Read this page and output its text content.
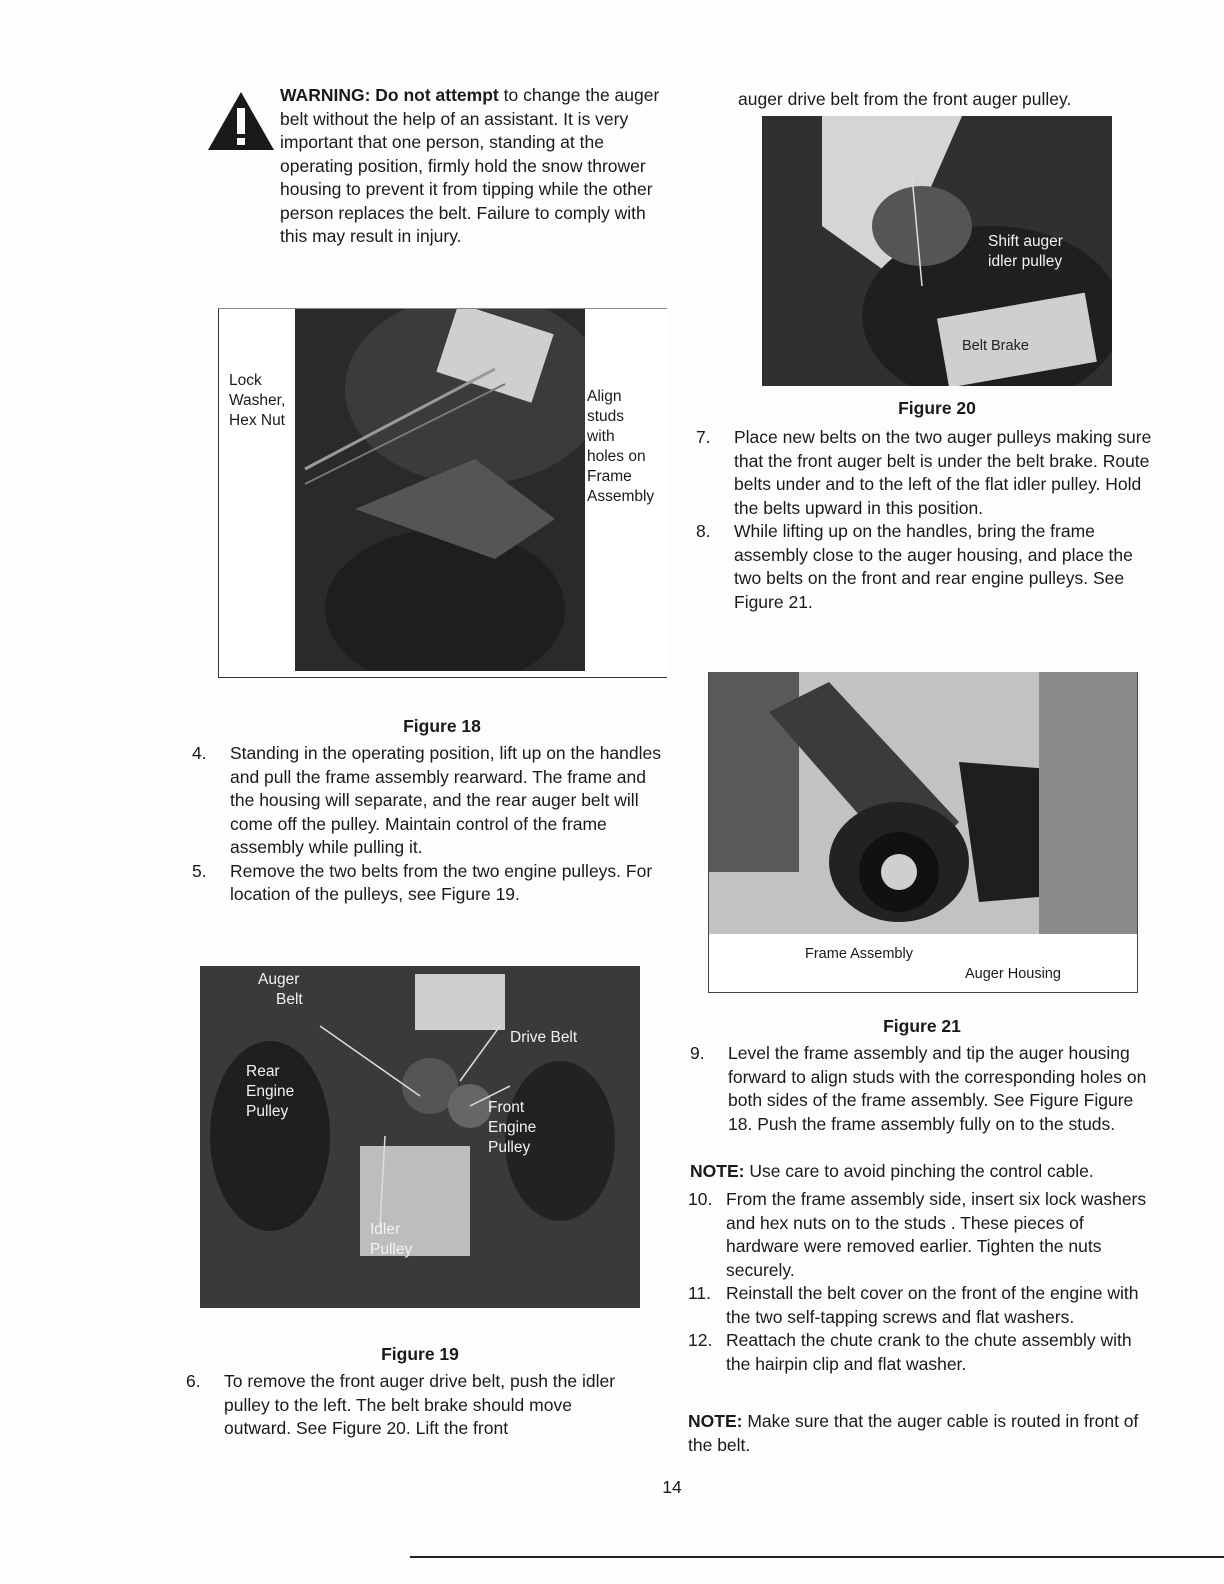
WARNING: Do not attempt to change the auger belt without the help of an assistant. It is very important that one person, standing at the operating position, firmly hold the snow thrower housing to prevent it from tipping while the other person replaces the belt. Failure to comply with this may result in injury.
Lock
Washer,
Hex Nut
Align
studs
with
holes on
Frame
Assembly
Figure 18
4.	Standing in the operating position, lift up on the handles and pull the frame assembly rearward. The frame and the housing will separate, and the rear auger belt will come off the pulley. Maintain control of the frame assembly while pulling it.
5.	Remove the two belts from the two engine pulleys. For location of the pulleys, see Figure 19.
Auger
Belt
Drive Belt
Rear
Engine
Pulley	Front
Engine
Pulley
Idler
Pulley
Figure 19
6.	To remove the front auger drive belt, push the idler pulley to the left. The belt brake should move outward. See Figure 20. Lift the front
auger drive belt from the front auger pulley.
Shift auger
idler pulley
Belt Brake
Figure 20
7.	Place new belts on the two auger pulleys making sure that the front auger belt is under the belt brake. Route belts under and to the left of the flat idler pulley. Hold the belts upward in this position.
8.	While lifting up on the handles, bring the frame assembly close to the auger housing, and place the two belts on the front and rear engine pulleys. See Figure 21.
Frame Assembly
Auger Housing
Figure 21
9.	Level the frame assembly and tip the auger housing forward to align studs with the corresponding holes on both sides of the frame assembly. See Figure Figure 18. Push the frame assembly fully on to the studs.
NOTE: Use care to avoid pinching the control cable.
10. From the frame assembly side, insert six lock washers and hex nuts on to the studs . These pieces of hardware were removed earlier. Tighten the nuts securely.
11. Reinstall the belt cover on the front of the engine with the two self-tapping screws and flat washers.
12. Reattach the chute crank to the chute assembly with the hairpin clip and flat washer.
NOTE: Make sure that the auger cable is routed in front of the belt.
14
